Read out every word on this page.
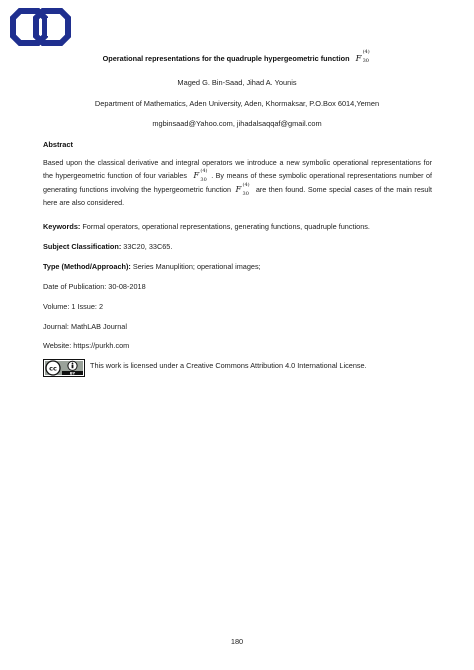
Operational representations for the quadruple hypergeometric function F
(4)
30
Maged G. Bin-Saad, Jihad A. Younis
Department of Mathematics, Aden University, Aden, Khormaksar, P.O.Box 6014,Yemen
mgbinsaad@Yahoo.com, jihadalsaqqaf@gmail.com
Abstract
Based upon the classical derivative and integral operators we introduce a new symbolic operational representations for the hypergeometric function of four variables F (4)
30 . By means of these symbolic operational representations number of generating functions involving the hypergeometric function F (4)
30 are then found. Some special cases of the main result here are also considered.
Keywords: Formal operators, operational representations, generating functions, quadruple functions.
Subject Classification: 33C20, 33C65.
Type (Method/Approach): Series Manuplition; operational images;
Date of Publication: 30-08-2018
Volume: 1 Issue: 2
Journal: MathLAB Journal
Website: https://purkh.com
cc
BY
This work is licensed under a Creative Commons Attribution 4.0 International License.
180
